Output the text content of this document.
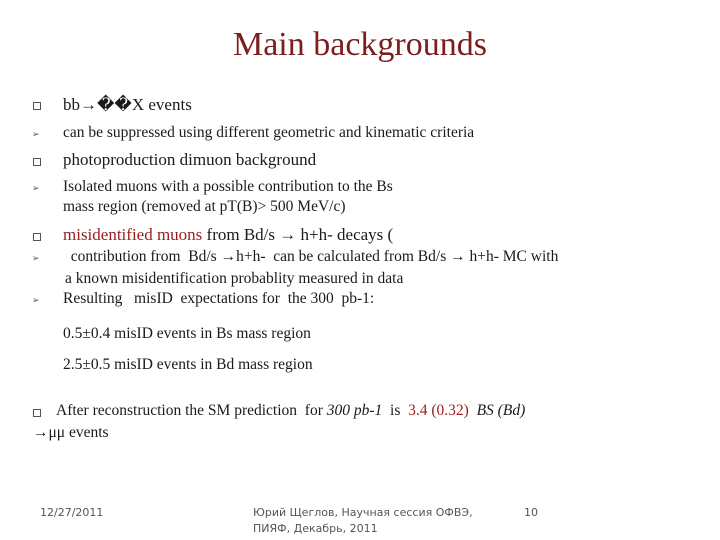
Main backgrounds
bb→��X events
➢ can be suppressed using different geometric and kinematic criteria
photoproduction dimuon background
➢ Isolated muons with a possible contribution to the Bs
mass region (removed at pT(B)> 500 MeV/c)
misidentified muons from Bd/s → h+h- decays (
➢ contribution from  Bd/s →h+h-  can be calculated from Bd/s → h+h- MC with
a known misidentification probablity measured in data
➢ Resulting   misID  expectations for  the 300  pb-1:
0.5±0.4 misID events in Bs mass region
2.5±0.5 misID events in Bd mass region
After reconstruction the SM prediction  for 300 pb-1  is  3.4 (0.32)  BS (Bd)
→μμ events
12/27/2011	Юрий Щеглов, Научная сессия ОФВЭ,
ПИЯФ, Декабрь, 2011
10
